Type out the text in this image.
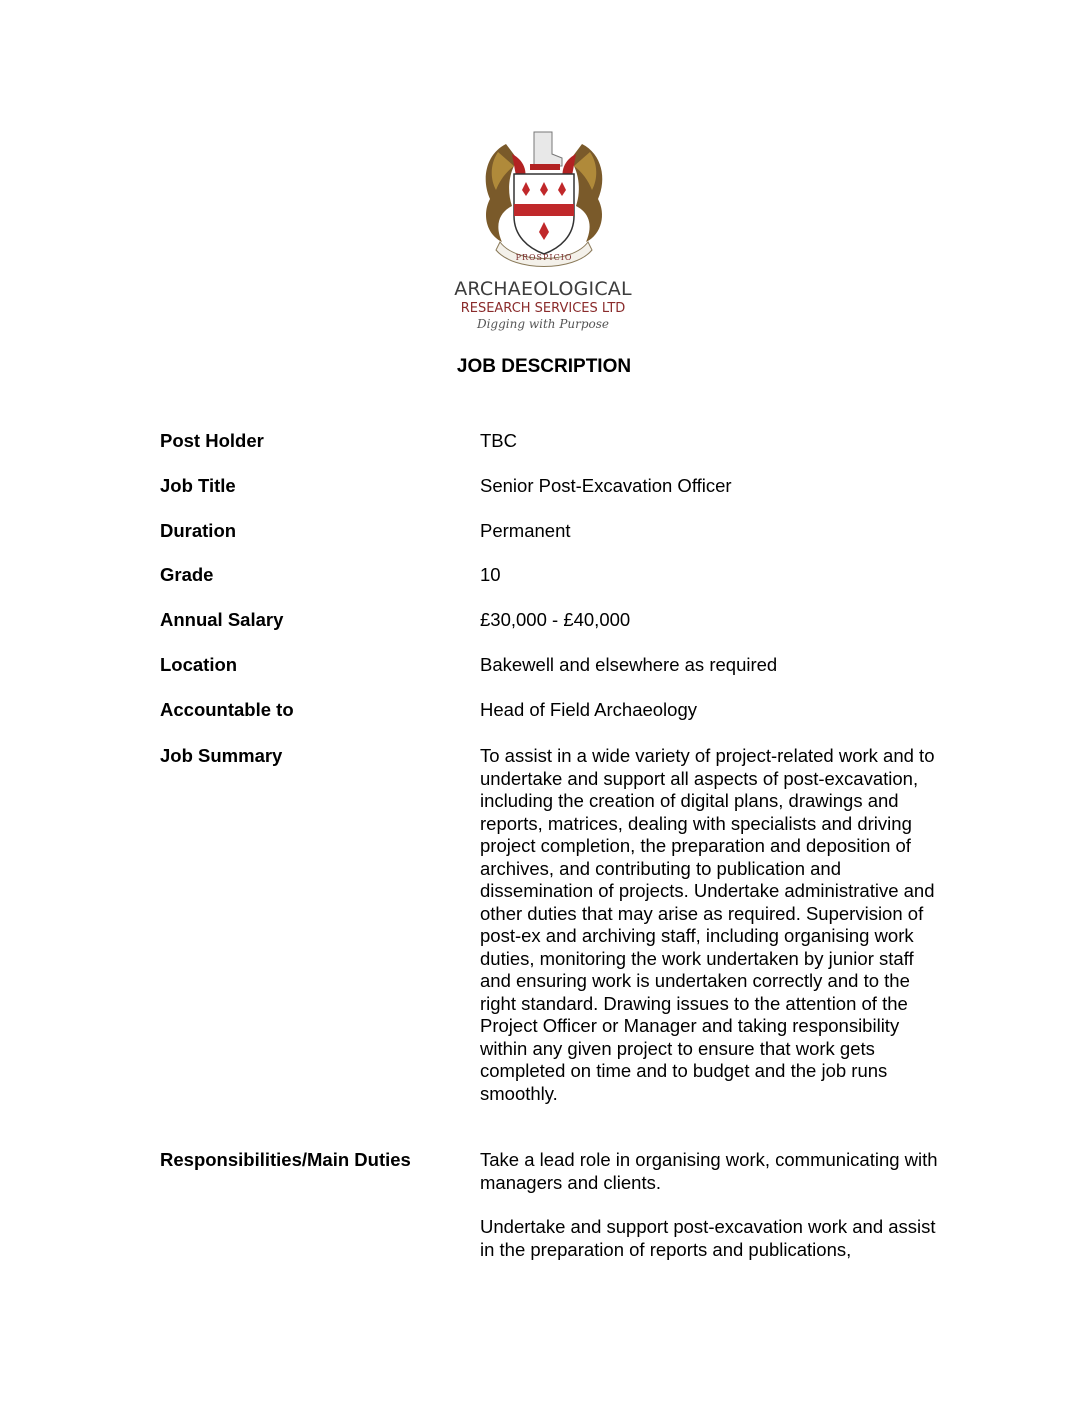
PROSPICIO
ARCHAEOLOGICAL
RESEARCH SERVICES LTD
Digging with Purpose
JOB DESCRIPTION
Post Holder	TBC
Job Title	Senior Post-Excavation Officer
Duration	Permanent
Grade	10
Annual Salary	£30,000 - £40,000
Location	Bakewell and elsewhere as required
Accountable to	Head of Field Archaeology
Job Summary	To assist in a wide variety of project-related work and to undertake and support all aspects of post-excavation, including the creation of digital plans, drawings and reports, matrices, dealing with specialists and driving project completion, the preparation and deposition of archives, and contributing to publication and dissemination of projects. Undertake administrative and other duties that may arise as required. Supervision of post-ex and archiving staff, including organising work duties, monitoring the work undertaken by junior staff and ensuring work is undertaken correctly and to the right standard. Drawing issues to the attention of the Project Officer or Manager and taking responsibility within any given project to ensure that work gets completed on time and to budget and the job runs smoothly.
Responsibilities/Main Duties	Take a lead role in organising work, communicating with managers and clients.
Undertake and support post-excavation work and assist in the preparation of reports and publications,
